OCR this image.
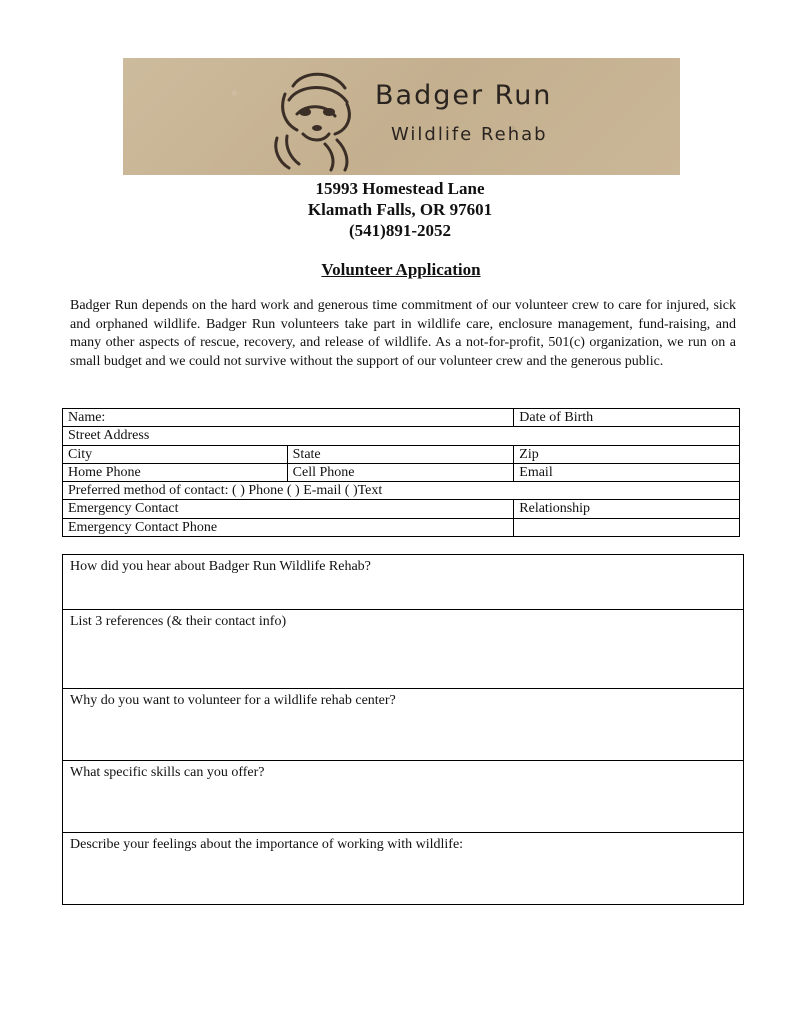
Badger Run
Wildlife Rehab
15993 Homestead Lane
Klamath Falls, OR 97601
(541)891-2052
Volunteer Application
Badger Run depends on the hard work and generous time commitment of our volunteer crew to care for injured, sick and orphaned wildlife. Badger Run volunteers take part in wildlife care, enclosure management, fund-raising, and many other aspects of rescue, recovery, and release of wildlife. As a not-for-profit, 501(c) organization, we run on a small budget and we could not survive without the support of our volunteer crew and the generous public.
Name:		Date of Birth
Street Address		
City	State	Zip
Home Phone	Cell Phone	Email
Preferred method of contact: ( ) Phone ( ) E-mail ( )Text		
Emergency Contact		Relationship
Emergency Contact Phone		
How did you hear about Badger Run Wildlife Rehab?
List 3 references (& their contact info)
Why do you want to volunteer for a wildlife rehab center?
What specific skills can you offer?
Describe your feelings about the importance of working with wildlife:
